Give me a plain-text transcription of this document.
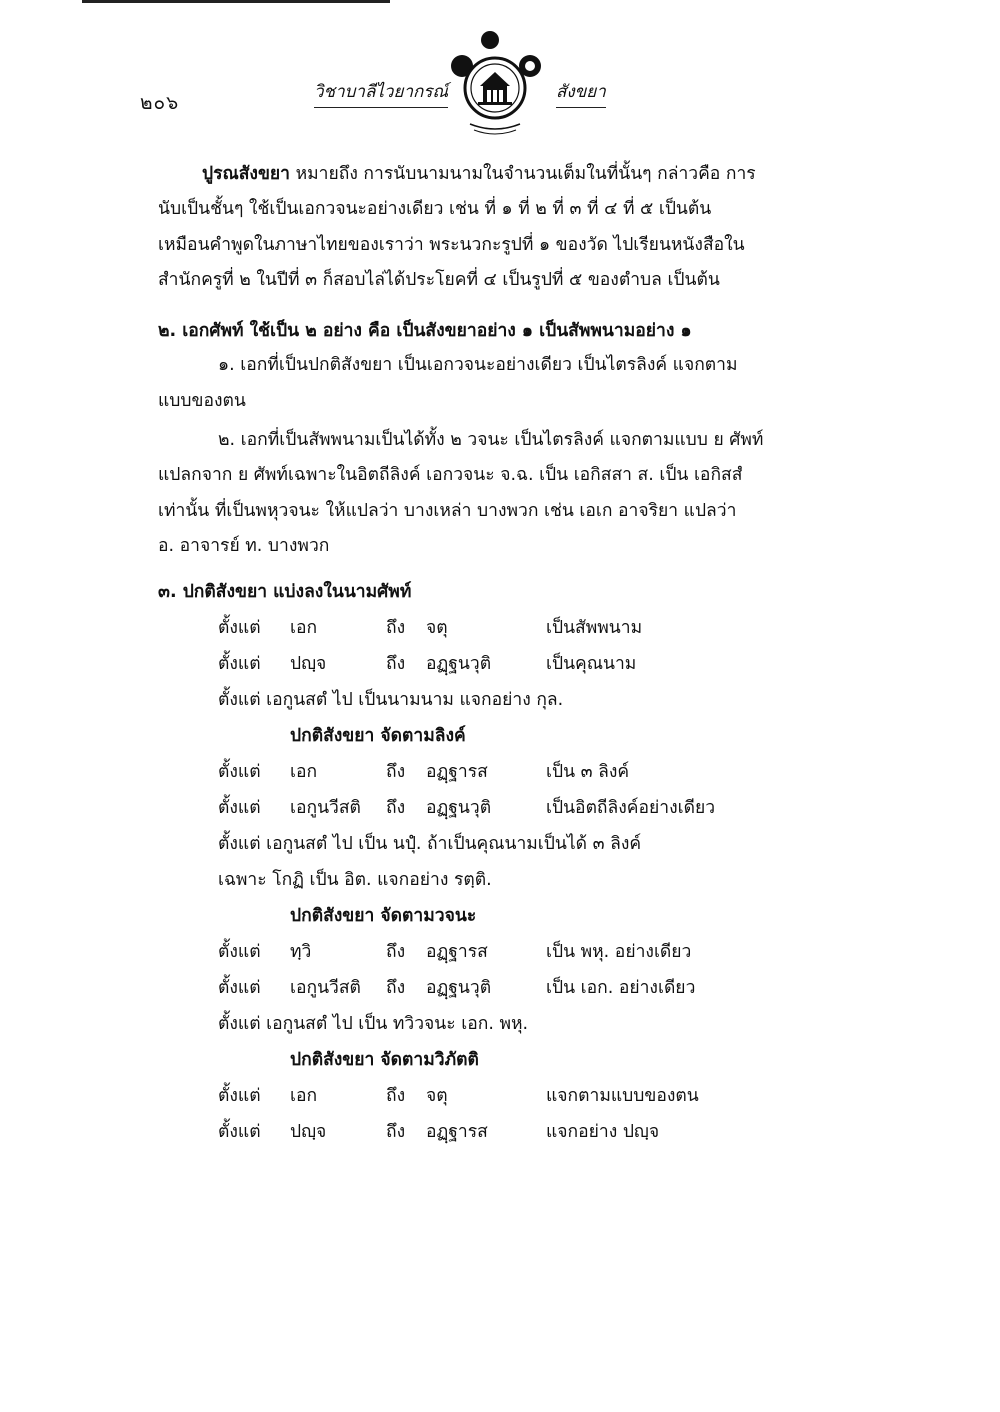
๒๐๖	วิชาบาลีไวยากรณ์	สังขยา
ปูรณสังขยา หมายถึง การนับนามนามในจำนวนเต็มในที่นั้นๆ กล่าวคือ การ
นับเป็นชั้นๆ ใช้เป็นเอกวจนะอย่างเดียว เช่น ที่ ๑ ที่ ๒ ที่ ๓ ที่ ๔ ที่ ๕ เป็นต้น
เหมือนคำพูดในภาษาไทยของเราว่า พระนวกะรูปที่ ๑ ของวัด ไปเรียนหนังสือใน
สำนักครูที่ ๒ ในปีที่ ๓ ก็สอบไล่ได้ประโยคที่ ๔ เป็นรูปที่ ๕ ของตำบล เป็นต้น
๒. เอกศัพท์ ใช้เป็น ๒ อย่าง คือ เป็นสังขยาอย่าง ๑ เป็นสัพพนามอย่าง ๑
๑. เอกที่เป็นปกติสังขยา เป็นเอกวจนะอย่างเดียว เป็นไตรลิงค์ แจกตาม
แบบของตน
๒. เอกที่เป็นสัพพนามเป็นได้ทั้ง ๒ วจนะ เป็นไตรลิงค์ แจกตามแบบ ย ศัพท์
แปลกจาก ย ศัพท์เฉพาะในอิตถีลิงค์ เอกวจนะ จ.ฉ. เป็น เอกิสสา ส. เป็น เอกิสสํ
เท่านั้น ที่เป็นพหุวจนะ ให้แปลว่า บางเหล่า บางพวก เช่น เอเก อาจริยา แปลว่า
อ. อาจารย์ ท. บางพวก
๓. ปกติสังขยา แบ่งลงในนามศัพท์
ตั้งแต่ เอก	ถึง จตุ	เป็นสัพพนาม
ตั้งแต่ ปญฺจ	ถึง อฏฺฐนวุติ	เป็นคุณนาม
ตั้งแต่ เอกูนสตํ ไป เป็นนามนาม แจกอย่าง กุล.
ปกติสังขยา จัดตามลิงค์
ตั้งแต่ เอก	ถึง อฏฺฐารส	เป็น ๓ ลิงค์
ตั้งแต่ เอกูนวีสติ ถึง อฏฺฐนวุติ	เป็นอิตถีลิงค์อย่างเดียว
ตั้งแต่ เอกูนสตํ ไป เป็น นปุํ. ถ้าเป็นคุณนามเป็นได้ ๓ ลิงค์
เฉพาะ โกฏิ เป็น อิต. แจกอย่าง รตฺติ.
ปกติสังขยา จัดตามวจนะ
ตั้งแต่ ทฺวิ	ถึง อฏฺฐารส	เป็น พหุ. อย่างเดียว
ตั้งแต่ เอกูนวีสติ ถึง อฏฺฐนวุติ	เป็น เอก. อย่างเดียว
ตั้งแต่ เอกูนสตํ ไป เป็น ทวิวจนะ เอก. พหุ.
ปกติสังขยา จัดตามวิภัตติ
ตั้งแต่ เอก	ถึง จตุ	แจกตามแบบของตน
ตั้งแต่ ปญฺจ	ถึง อฏฺฐารส	แจกอย่าง ปญฺจ
